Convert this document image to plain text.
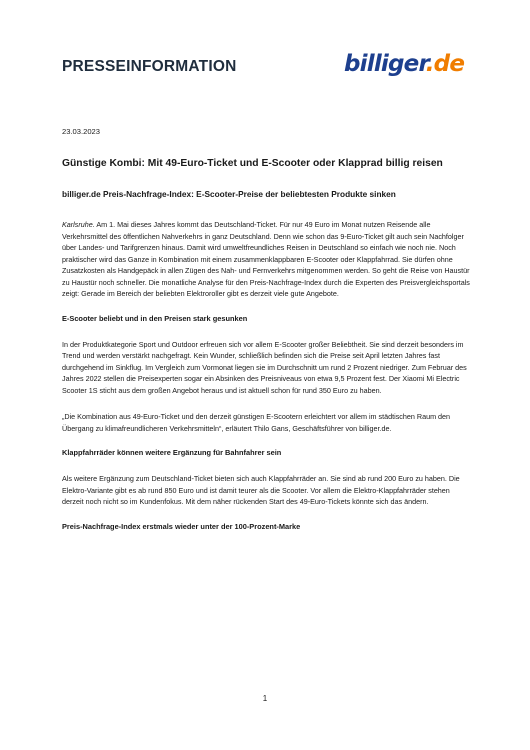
PRESSEINFORMATION	billiger.de
23.03.2023
Günstige Kombi: Mit 49-Euro-Ticket und E-Scooter oder Klapprad billig reisen
billiger.de Preis-Nachfrage-Index: E-Scooter-Preise der beliebtesten Produkte sinken

Karlsruhe. Am 1. Mai dieses Jahres kommt das Deutschland-Ticket. Für nur 49 Euro im Monat nutzen Reisende alle Verkehrsmittel des öffentlichen Nahverkehrs in ganz Deutschland. Denn wie schon das 9-Euro-Ticket gilt auch sein Nachfolger über Landes- und Tarifgrenzen hinaus. Damit wird umweltfreundliches Reisen in Deutschland so einfach wie noch nie. Noch praktischer wird das Ganze in Kombination mit einem zusammenklappbaren E-Scooter oder Klappfahrrad. Sie dürfen ohne Zusatzkosten als Handgepäck in allen Zügen des Nah- und Fernverkehrs mitgenommen werden. So geht die Reise von Haustür zu Haustür noch schneller. Die monatliche Analyse für den Preis-Nachfrage-Index durch die Experten des Preisvergleichsportals zeigt: Gerade im Bereich der beliebten Elektroroller gibt es derzeit viele gute Angebote.

E-Scooter beliebt und in den Preisen stark gesunken

In der Produktkategorie Sport und Outdoor erfreuen sich vor allem E-Scooter großer Beliebtheit. Sie sind derzeit besonders im Trend und werden verstärkt nachgefragt. Kein Wunder, schließlich befinden sich die Preise seit April letzten Jahres fast durchgehend im Sinkflug. Im Vergleich zum Vormonat liegen sie im Durchschnitt um rund 2 Prozent niedriger. Zum Februar des Jahres 2022 stellen die Preisexperten sogar ein Absinken des Preisniveaus von etwa 9,5 Prozent fest. Der Xiaomi Mi Electric Scooter 1S sticht aus dem großen Angebot heraus und ist aktuell schon für rund 350 Euro zu haben.

„Die Kombination aus 49-Euro-Ticket und den derzeit günstigen E-Scootern erleichtert vor allem im städtischen Raum den Übergang zu klimafreundlicheren Verkehrsmitteln“, erläutert Thilo Gans, Geschäftsführer von billiger.de.

Klappfahrräder können weitere Ergänzung für Bahnfahrer sein

Als weitere Ergänzung zum Deutschland-Ticket bieten sich auch Klappfahrräder an. Sie sind ab rund 200 Euro zu haben. Die Elektro-Variante gibt es ab rund 850 Euro und ist damit teurer als die Scooter. Vor allem die Elektro-Klappfahrräder stehen derzeit noch nicht so im Kundenfokus. Mit dem näher rückenden Start des 49-Euro-Tickets könnte sich das ändern.

Preis-Nachfrage-Index erstmals wieder unter der 100-Prozent-Marke
1
